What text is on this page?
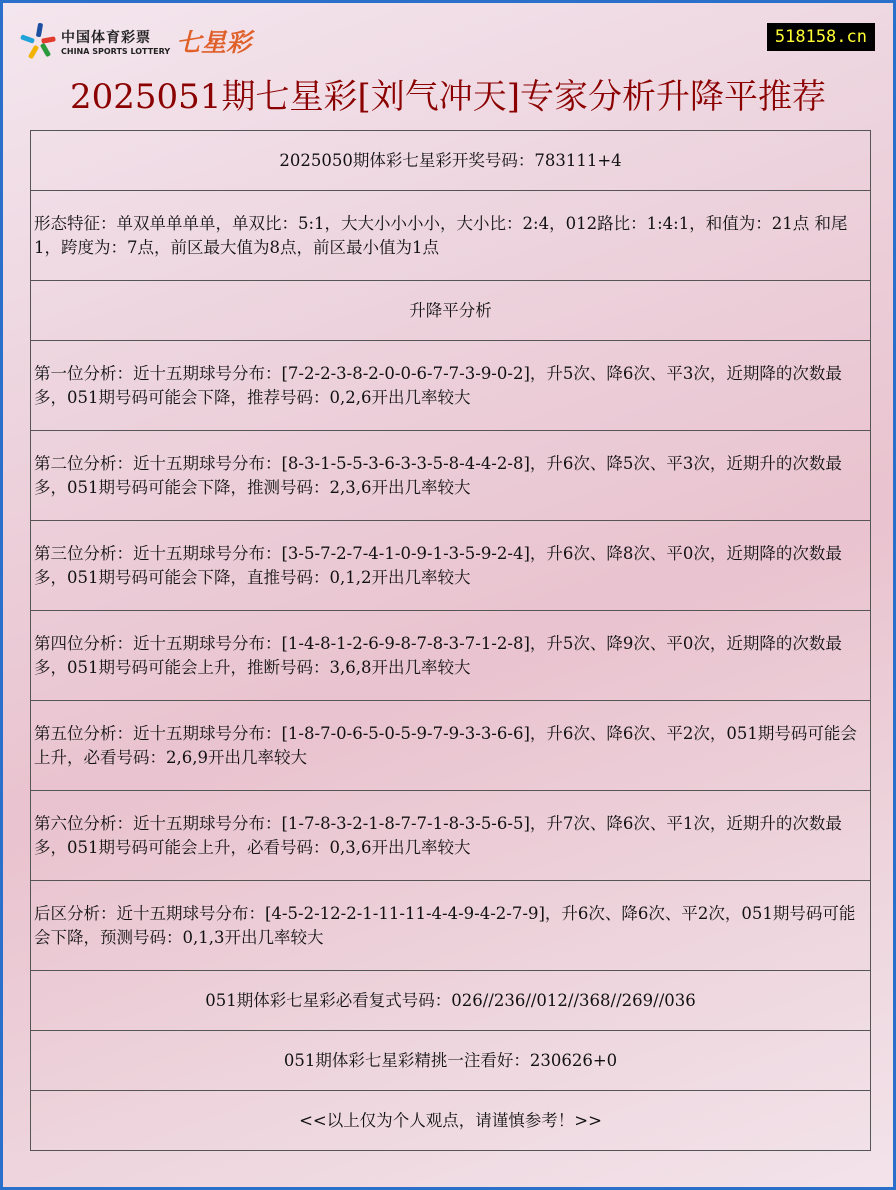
中国体育彩票
CHINA SPORTS LOTTERY 七星彩	518158.cn
2025051期七星彩[刘气冲天]专家分析升降平推荐
2025050期体彩七星彩开奖号码：783111+4
形态特征：单双单单单单，单双比：5:1，大大小小小小，大小比：2:4，012路比：1:4:1，和值为：21点 和尾1，跨度为：7点，前区最大值为8点，前区最小值为1点
升降平分析
第一位分析：近十五期球号分布：[7-2-2-3-8-2-0-0-6-7-7-3-9-0-2]，升5次、降6次、平3次，近期降的次数最多，051期号码可能会下降，推荐号码：0,2,6开出几率较大
第二位分析：近十五期球号分布：[8-3-1-5-5-3-6-3-3-5-8-4-4-2-8]，升6次、降5次、平3次，近期升的次数最多，051期号码可能会下降，推测号码：2,3,6开出几率较大
第三位分析：近十五期球号分布：[3-5-7-2-7-4-1-0-9-1-3-5-9-2-4]，升6次、降8次、平0次，近期降的次数最多，051期号码可能会下降，直推号码：0,1,2开出几率较大
第四位分析：近十五期球号分布：[1-4-8-1-2-6-9-8-7-8-3-7-1-2-8]，升5次、降9次、平0次，近期降的次数最多，051期号码可能会上升，推断号码：3,6,8开出几率较大
第五位分析：近十五期球号分布：[1-8-7-0-6-5-0-5-9-7-9-3-3-6-6]，升6次、降6次、平2次，051期号码可能会上升，必看号码：2,6,9开出几率较大
第六位分析：近十五期球号分布：[1-7-8-3-2-1-8-7-7-1-8-3-5-6-5]，升7次、降6次、平1次，近期升的次数最多，051期号码可能会上升，必看号码：0,3,6开出几率较大
后区分析：近十五期球号分布：[4-5-2-12-2-1-11-11-4-4-9-4-2-7-9]，升6次、降6次、平2次，051期号码可能会下降，预测号码：0,1,3开出几率较大
051期体彩七星彩必看复式号码：026//236//012//368//269//036
051期体彩七星彩精挑一注看好：230626+0
<<以上仅为个人观点，请谨慎参考！>>
